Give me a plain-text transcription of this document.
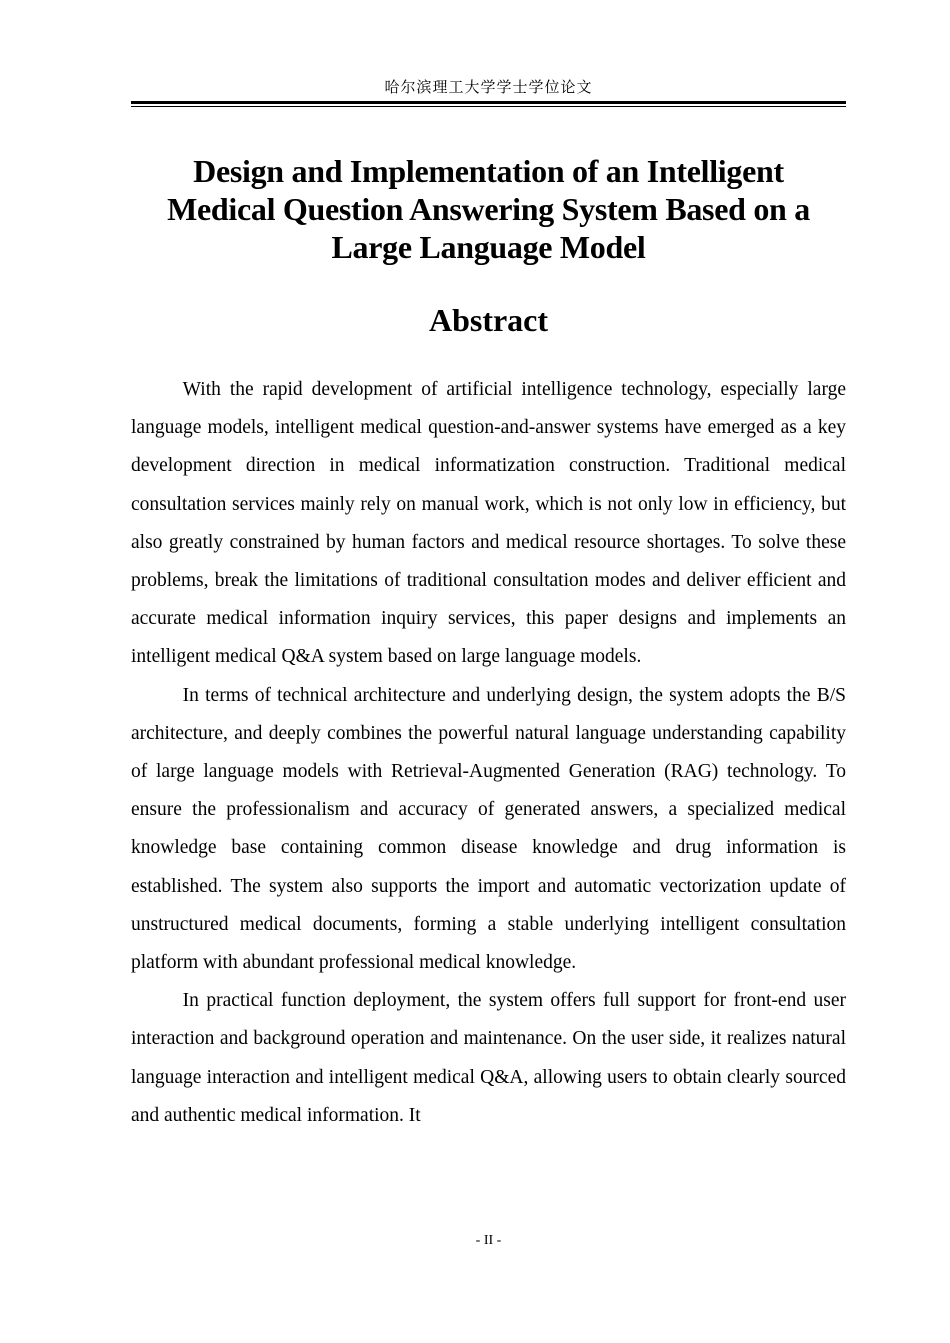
哈尔滨理工大学学士学位论文
Design and Implementation of an Intelligent
Medical Question Answering System Based on a
Large Language Model
Abstract

With the rapid development of artificial intelligence technology, especially large language models, intelligent medical question-and-answer systems have emerged as a key development direction in medical informatization construction. Traditional medical consultation services mainly rely on manual work, which is not only low in efficiency, but also greatly constrained by human factors and medical resource shortages. To solve these problems, break the limitations of traditional consultation modes and deliver efficient and accurate medical information inquiry services, this paper designs and implements an intelligent medical Q&A system based on large language models.

In terms of technical architecture and underlying design, the system adopts the B/S architecture, and deeply combines the powerful natural language understanding capability of large language models with Retrieval-Augmented Generation (RAG) technology. To ensure the professionalism and accuracy of generated answers, a specialized medical knowledge base containing common disease knowledge and drug information is established. The system also supports the import and automatic vectorization update of unstructured medical documents, forming a stable underlying intelligent consultation platform with abundant professional medical knowledge.

In practical function deployment, the system offers full support for front-end user interaction and background operation and maintenance. On the user side, it realizes natural language interaction and intelligent medical Q&A, allowing users to obtain clearly sourced and authentic medical information. It

- II -
